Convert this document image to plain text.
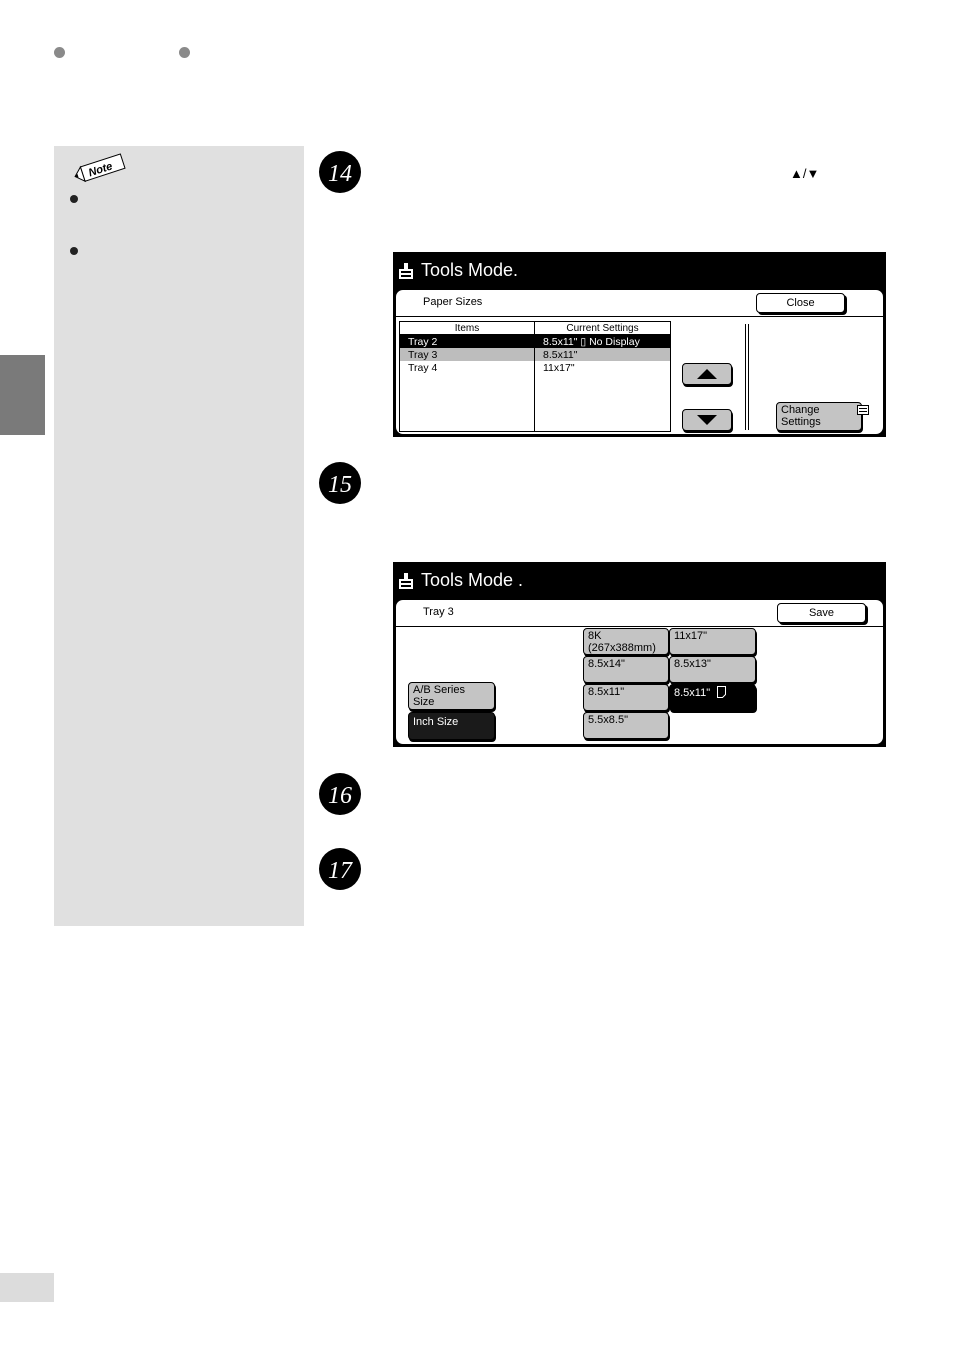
Note	14	▲/▼
Tools Mode.
Paper Sizes	Close
Items	Current Settings
Tray 2	8.5x11" ▯ No Display
Tray 3	8.5x11"
Tray 4	11x17"

Change
Settings
15
Tools Mode .
Tray 3	Save
A/B Series
Size
Inch Size
8K
(267x388mm)
11x17"
8.5x14"	8.5x13"
8.5x11"	8.5x11"
5.5x8.5"
16
17
